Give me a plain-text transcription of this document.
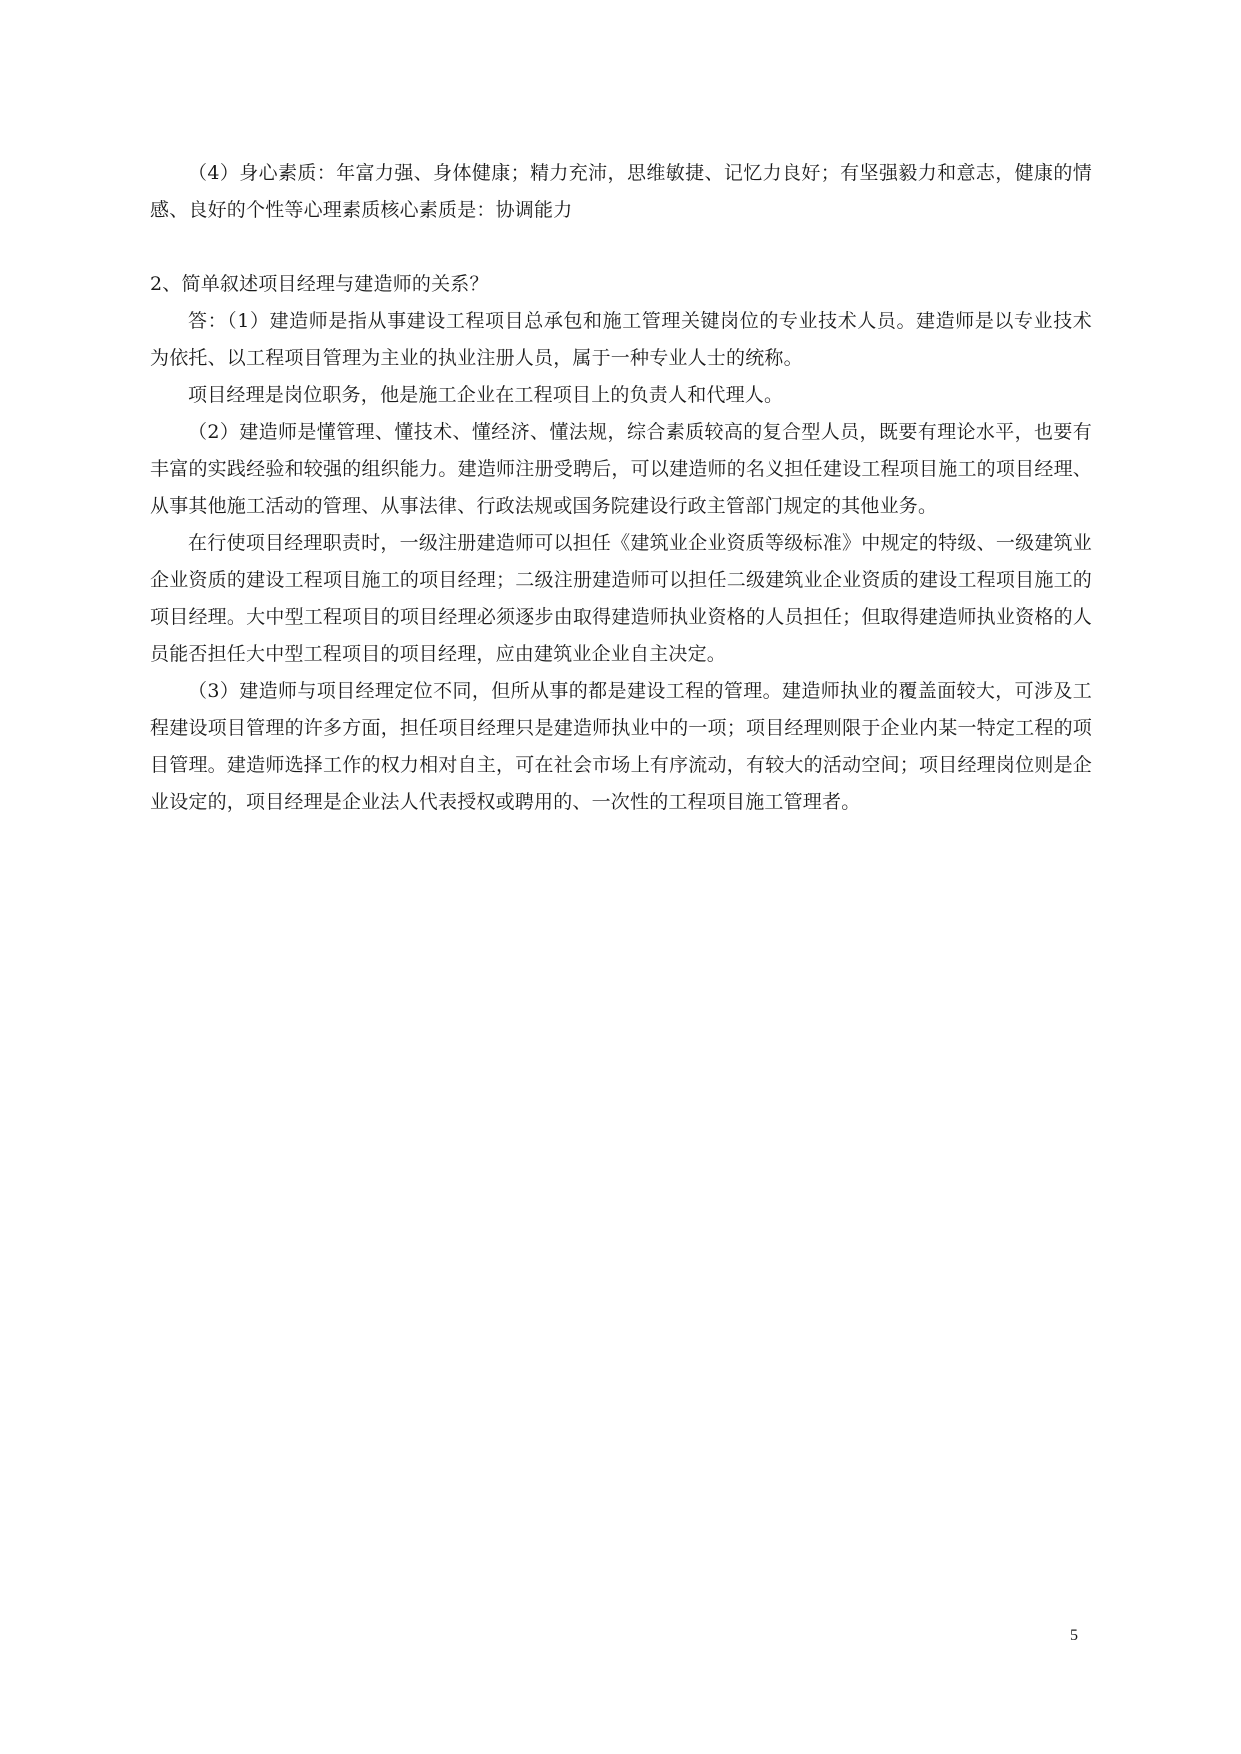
（4）身心素质：年富力强、身体健康；精力充沛，思维敏捷、记忆力良好；有坚强毅力和意志，健康的情感、良好的个性等心理素质核心素质是：协调能力

2、简单叙述项目经理与建造师的关系？

答：（1）建造师是指从事建设工程项目总承包和施工管理关键岗位的专业技术人员。建造师是以专业技术为依托、以工程项目管理为主业的执业注册人员，属于一种专业人士的统称。

项目经理是岗位职务，他是施工企业在工程项目上的负责人和代理人。

（2）建造师是懂管理、懂技术、懂经济、懂法规，综合素质较高的复合型人员，既要有理论水平，也要有丰富的实践经验和较强的组织能力。建造师注册受聘后，可以建造师的名义担任建设工程项目施工的项目经理、从事其他施工活动的管理、从事法律、行政法规或国务院建设行政主管部门规定的其他业务。

在行使项目经理职责时，一级注册建造师可以担任《建筑业企业资质等级标准》中规定的特级、一级建筑业企业资质的建设工程项目施工的项目经理；二级注册建造师可以担任二级建筑业企业资质的建设工程项目施工的项目经理。大中型工程项目的项目经理必须逐步由取得建造师执业资格的人员担任；但取得建造师执业资格的人员能否担任大中型工程项目的项目经理，应由建筑业企业自主决定。

（3）建造师与项目经理定位不同，但所从事的都是建设工程的管理。建造师执业的覆盖面较大，可涉及工程建设项目管理的许多方面，担任项目经理只是建造师执业中的一项；项目经理则限于企业内某一特定工程的项目管理。建造师选择工作的权力相对自主，可在社会市场上有序流动，有较大的活动空间；项目经理岗位则是企业设定的，项目经理是企业法人代表授权或聘用的、一次性的工程项目施工管理者。

5
